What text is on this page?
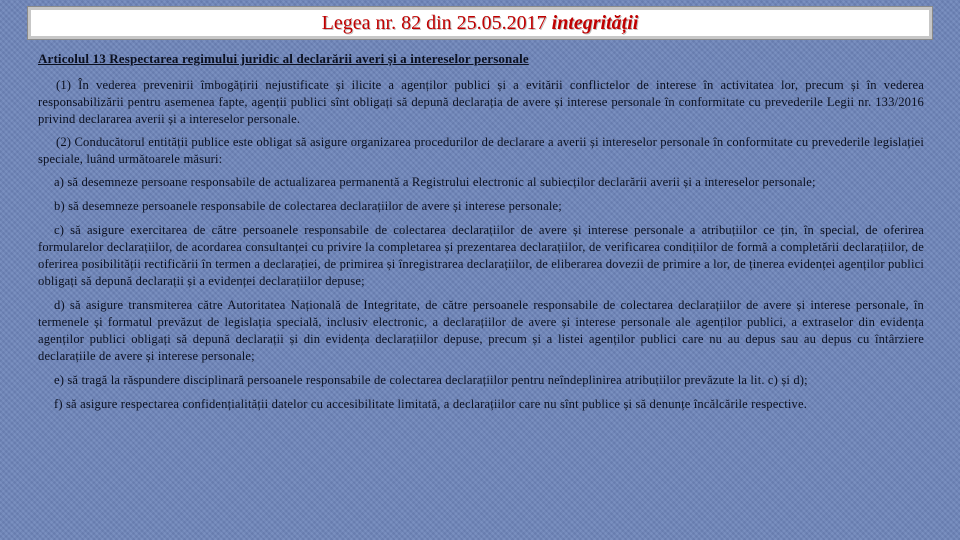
Legea nr. 82 din 25.05.2017 integrității

Articolul 13 Respectarea regimului juridic al declarării averi și a intereselor personale

(1) În vederea prevenirii îmbogățirii nejustificate și ilicite a agenților publici și a evitării conflictelor de interese în activitatea lor, precum și în vederea responsabilizării pentru asemenea fapte, agenții publici sînt obligați să depună declarația de avere și interese personale în conformitate cu prevederile Legii nr. 133/2016 privind declararea averii și a intereselor personale.

(2) Conducătorul entității publice este obligat să asigure organizarea procedurilor de declarare a averii și intereselor personale în conformitate cu prevederile legislației speciale, luând următoarele măsuri:

a) să desemneze persoane responsabile de actualizarea permanentă a Registrului electronic al subiecților declarării averii și a intereselor personale;

b) să desemneze persoanele responsabile de colectarea declarațiilor de avere și interese personale;

c) să asigure exercitarea de către persoanele responsabile de colectarea declarațiilor de avere și interese personale a atribuțiilor ce țin, în special, de oferirea formularelor declarațiilor, de acordarea consultanței cu privire la completarea și prezentarea declarațiilor, de verificarea condițiilor de formă a completării declarațiilor, de oferirea posibilității rectificării în termen a declarației, de primirea și înregistrarea declarațiilor, de eliberarea dovezii de primire a lor, de ținerea evidenței agenților publici obligați să depună declarații și a evidenței declarațiilor depuse;

d) să asigure transmiterea către Autoritatea Națională de Integritate, de către persoanele responsabile de colectarea declarațiilor de avere și interese personale, în termenele și formatul prevăzut de legislația specială, inclusiv electronic, a declarațiilor de avere și interese personale ale agenților publici, a extraselor din evidența agenților publici obligați să depună declarații și din evidența declarațiilor depuse, precum și a listei agenților publici care nu au depus sau au depus cu întârziere declarațiile de avere și interese personale;

e) să tragă la răspundere disciplinară persoanele responsabile de colectarea declarațiilor pentru neîndeplinirea atribuțiilor prevăzute la lit. c) și d);

f) să asigure respectarea confidențialității datelor cu accesibilitate limitată, a declarațiilor care nu sînt publice și să denunțe încălcările respective.
